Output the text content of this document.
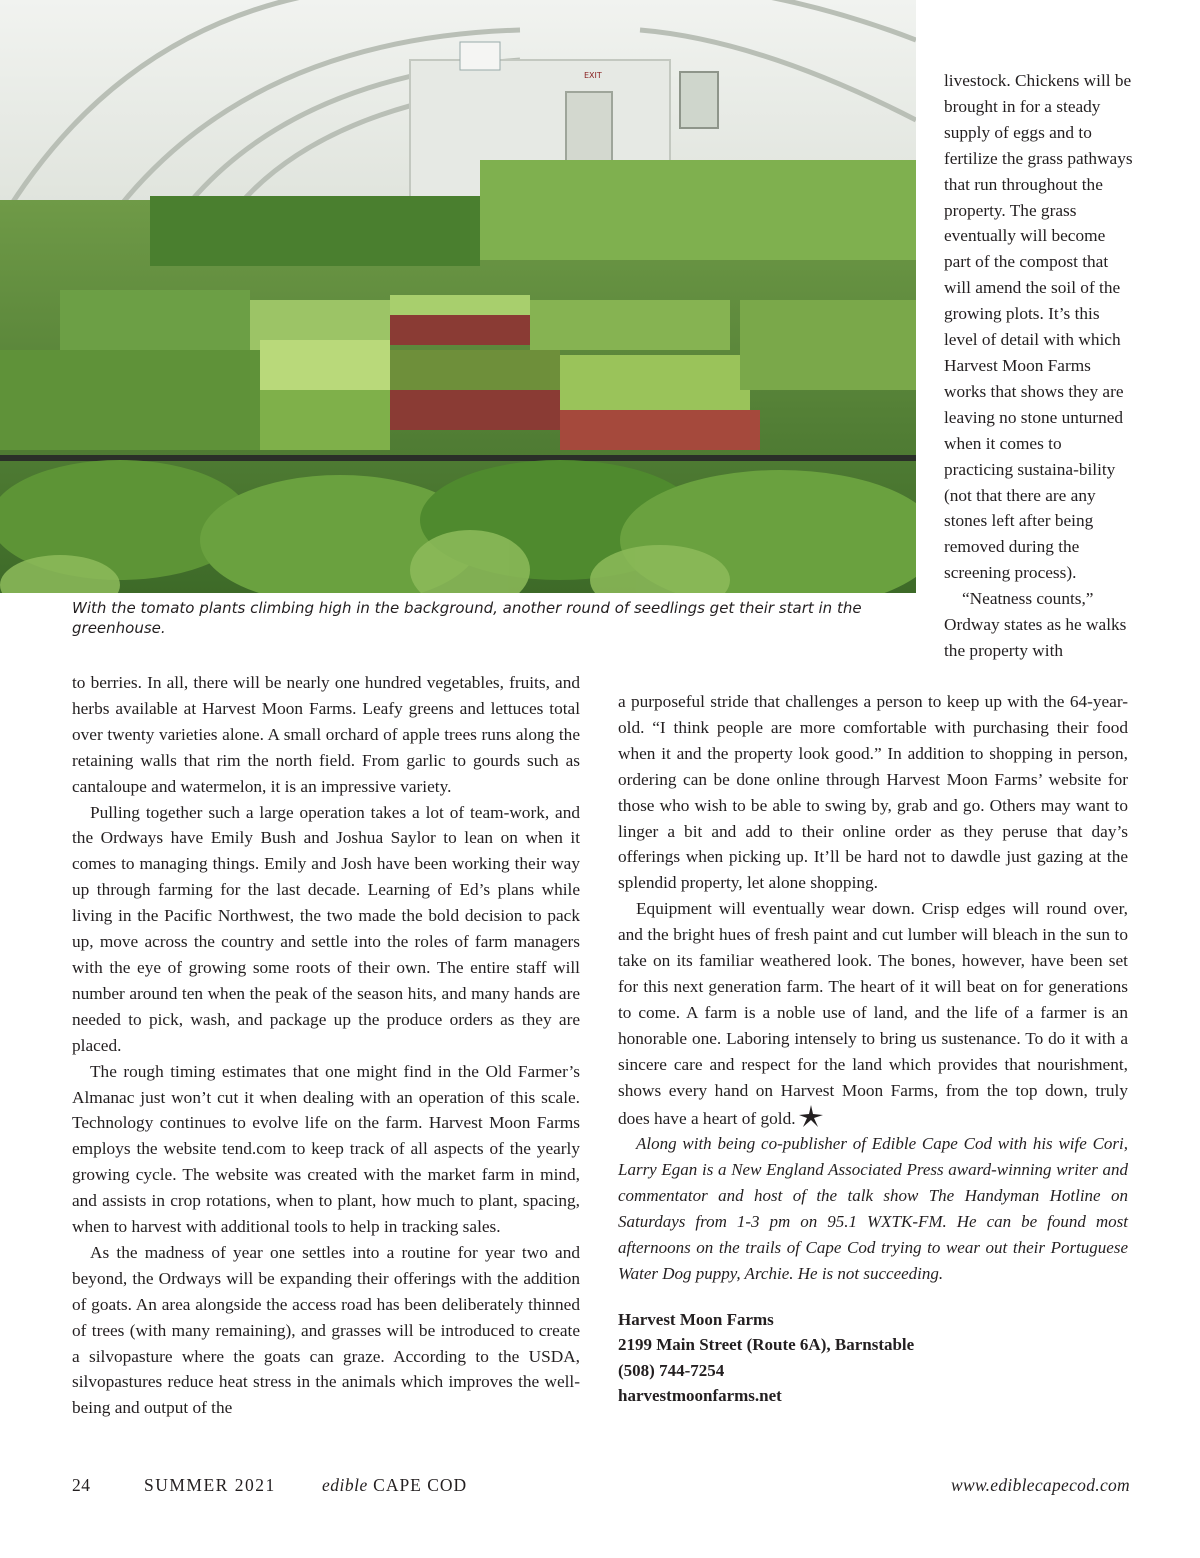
EXIT

With the tomato plants climbing high in the background, another round of seedlings get their start in the greenhouse.

livestock. Chickens will be brought in for a steady supply of eggs and to fertilize the grass pathways that run throughout the property. The grass eventually will become part of the compost that will amend the soil of the growing plots. It’s this level of detail with which Harvest Moon Farms works that shows they are leaving no stone unturned when it comes to practicing sustaina-bility (not that there are any stones left after being removed during the screening process).

“Neatness counts,” Ordway states as he walks the property with

to berries. In all, there will be nearly one hundred vegetables, fruits, and herbs available at Harvest Moon Farms. Leafy greens and lettuces total over twenty varieties alone. A small orchard of apple trees runs along the retaining walls that rim the north field. From garlic to gourds such as cantaloupe and watermelon, it is an impressive variety.

Pulling together such a large operation takes a lot of team-work, and the Ordways have Emily Bush and Joshua Saylor to lean on when it comes to managing things. Emily and Josh have been working their way up through farming for the last decade. Learning of Ed’s plans while living in the Pacific Northwest, the two made the bold decision to pack up, move across the country and settle into the roles of farm managers with the eye of growing some roots of their own. The entire staff will number around ten when the peak of the season hits, and many hands are needed to pick, wash, and package up the produce orders as they are placed.

The rough timing estimates that one might find in the Old Farmer’s Almanac just won’t cut it when dealing with an operation of this scale. Technology continues to evolve life on the farm. Harvest Moon Farms employs the website tend.com to keep track of all aspects of the yearly growing cycle. The website was created with the market farm in mind, and assists in crop rotations, when to plant, how much to plant, spacing, when to harvest with additional tools to help in tracking sales.

As the madness of year one settles into a routine for year two and beyond, the Ordways will be expanding their offerings with the addition of goats. An area alongside the access road has been deliberately thinned of trees (with many remaining), and grasses will be introduced to create a silvopasture where the goats can graze. According to the USDA, silvopastures reduce heat stress in the animals which improves the well-being and output of the

a purposeful stride that challenges a person to keep up with the 64-year-old. “I think people are more comfortable with purchasing their food when it and the property look good.” In addition to shopping in person, ordering can be done online through Harvest Moon Farms’ website for those who wish to be able to swing by, grab and go. Others may want to linger a bit and add to their online order as they peruse that day’s offerings when picking up. It’ll be hard not to dawdle just gazing at the splendid property, let alone shopping.

Equipment will eventually wear down. Crisp edges will round over, and the bright hues of fresh paint and cut lumber will bleach in the sun to take on its familiar weathered look. The bones, however, have been set for this next generation farm. The heart of it will beat on for generations to come. A farm is a noble use of land, and the life of a farmer is an honorable one. Laboring intensely to bring us sustenance. To do it with a sincere care and respect for the land which provides that nourishment, shows every hand on Harvest Moon Farms, from the top down, truly does have a heart of gold.

Along with being co-publisher of Edible Cape Cod with his wife Cori, Larry Egan is a New England Associated Press award-winning writer and commentator and host of the talk show The Handyman Hotline on Saturdays from 1-3 pm on 95.1 WXTK-FM. He can be found most afternoons on the trails of Cape Cod trying to wear out their Portuguese Water Dog puppy, Archie. He is not succeeding.

Harvest Moon Farms
2199 Main Street (Route 6A), Barnstable
(508) 744-7254
harvestmoonfarms.net
24	SUMMER 2021	edible CAPE COD	www.ediblecapecod.com
